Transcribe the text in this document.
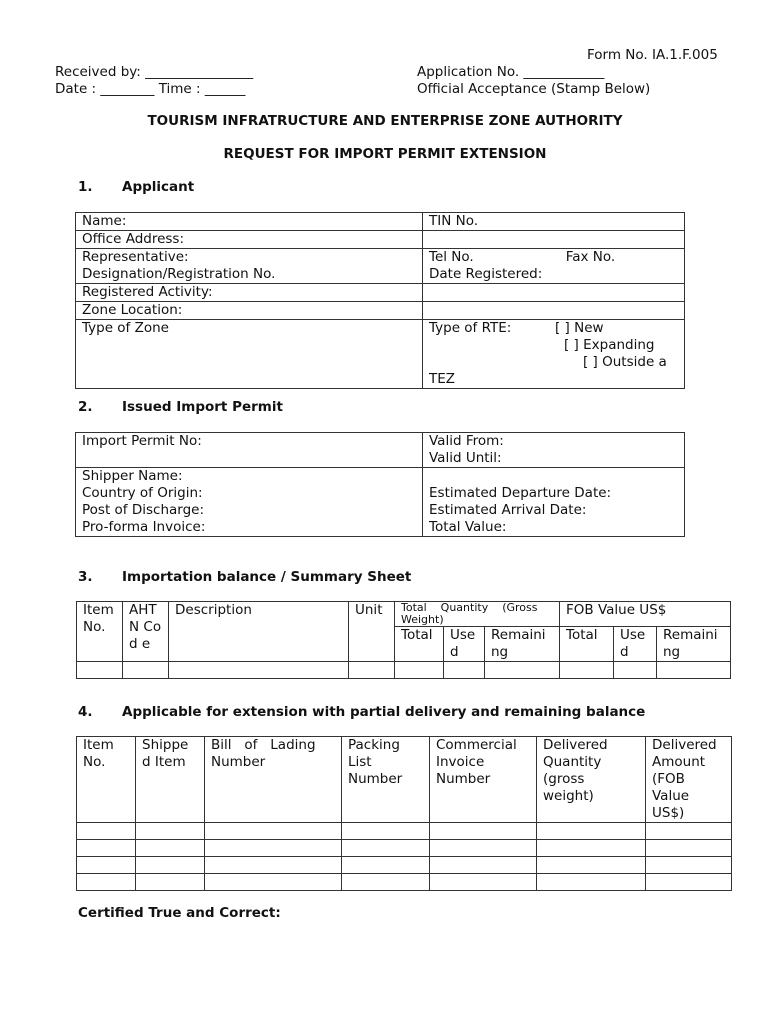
Form No. IA.1.F.005
Received by: ________________
Date : ________ Time : ______
Application No. ____________
Official Acceptance (Stamp Below)
TOURISM INFRATRUCTURE AND ENTERPRISE ZONE AUTHORITY
REQUEST FOR IMPORT PERMIT EXTENSION
1. Applicant
Name:	TIN No.
Office Address:	
Representative:	Tel No. Fax No.
Designation/Registration No.	Date Registered:
Registered Activity:	
Zone Location:	
Type of Zone	Type of RTE: [ ] New
[ ] Expanding
[ ] Outside a
TEZ
2. Issued Import Permit
Import Permit No:	Valid From:
Valid Until:

Shipper Name:	
Country of Origin:	Estimated Departure Date:
Post of Discharge:	Estimated Arrival Date:
Pro-forma Invoice:	Total Value:
3. Importation balance / Summary Sheet
Item No.	AHT N Cod e	Description	Unit	Total    Quantity    (Gross Weight)			FOB Value US$		
				Total	Use d	Remaini ng	Total	Use d	Remaini ng

4. Applicable for extension with partial delivery and remaining balance
Item No.	Shippe d Item	Bill   of   Lading Number	Packing List Number	Commercial Invoice Number	Delivered Quantity (gross weight)	Delivered Amount (FOB Value US$)

Certified True and Correct:
